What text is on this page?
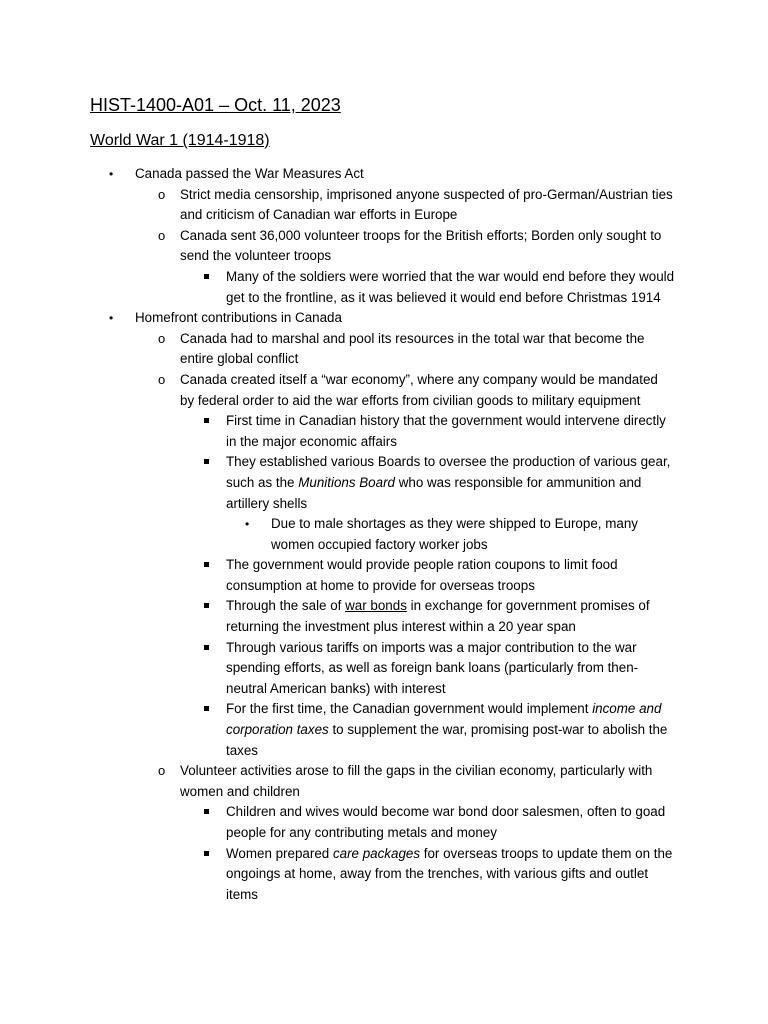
HIST-1400-A01 – Oct. 11, 2023
World War 1 (1914-1918)
• Canada passed the War Measures Act
o Strict media censorship, imprisoned anyone suspected of pro-German/Austrian ties and criticism of Canadian war efforts in Europe
o Canada sent 36,000 volunteer troops for the British efforts; Borden only sought to send the volunteer troops
Many of the soldiers were worried that the war would end before they would get to the frontline, as it was believed it would end before Christmas 1914
• Homefront contributions in Canada
o Canada had to marshal and pool its resources in the total war that become the entire global conflict
o Canada created itself a “war economy”, where any company would be mandated by federal order to aid the war efforts from civilian goods to military equipment
First time in Canadian history that the government would intervene directly in the major economic affairs
They established various Boards to oversee the production of various gear, such as the Munitions Board who was responsible for ammunition and artillery shells
• Due to male shortages as they were shipped to Europe, many women occupied factory worker jobs
The government would provide people ration coupons to limit food consumption at home to provide for overseas troops
Through the sale of war bonds in exchange for government promises of returning the investment plus interest within a 20 year span
Through various tariffs on imports was a major contribution to the war spending efforts, as well as foreign bank loans (particularly from then-neutral American banks) with interest
For the first time, the Canadian government would implement income and corporation taxes to supplement the war, promising post-war to abolish the taxes
o Volunteer activities arose to fill the gaps in the civilian economy, particularly with women and children
Children and wives would become war bond door salesmen, often to goad people for any contributing metals and money
Women prepared care packages for overseas troops to update them on the ongoings at home, away from the trenches, with various gifts and outlet items
